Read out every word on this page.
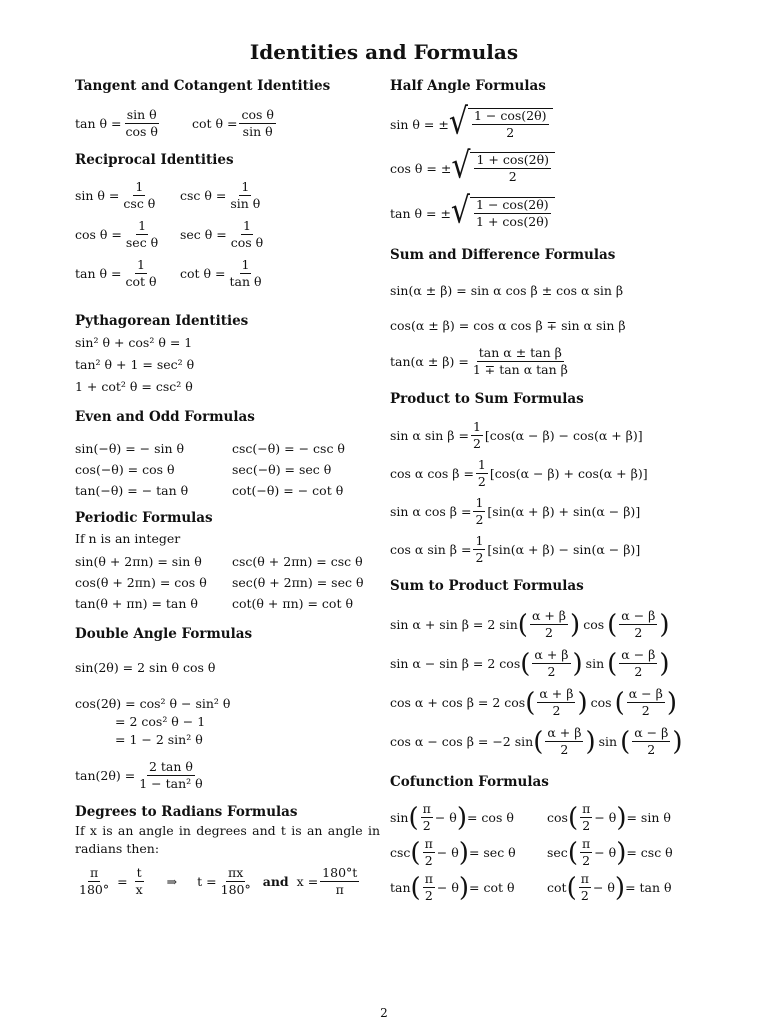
Identities and Formulas
Tangent and Cotangent Identities
$\tan \theta = \frac{\text{sin θ}}{\text{cos θ}}$	$\cot \theta = \frac{\text{cos θ}}{\text{sin θ}}$
Reciprocal Identities
$\sin \theta = \frac{1}{\text{csc θ}}$ $\csc \theta = \frac{1}{\text{sin θ}}$
$\cos \theta = \frac{1}{\text{sec θ}}$ $\sec \theta = \frac{1}{\text{cos θ}}$
$\tan \theta = \frac{1}{\text{cot θ}}$ $\cot \theta = \frac{1}{\text{tan θ}}$
Pythagorean Identities
sin² θ + cos² θ = 1
tan² θ + 1 = sec² θ
1 + cot² θ = csc² θ
Even and Odd Formulas
sin(−θ) = − sin θ	csc(−θ) = − csc θ
cos(−θ) = cos θ	sec(−θ) = sec θ
tan(−θ) = − tan θ	cot(−θ) = − cot θ
Periodic Formulas
If n is an integer
sin(θ + 2πn) = sin θ csc(θ + 2πn) = csc θ
cos(θ + 2πn) = cos θ sec(θ + 2πn) = sec θ
tan(θ + πn) = tan θ	cot(θ + πn) = cot θ
Double Angle Formulas
sin(2θ) = 2 sin θ cos θ
cos(2θ) = cos² θ − sin² θ
= 2 cos² θ − 1
= 1 − 2 sin² θ
$\tan(2\theta) = \frac{\text{2 tan θ}}{\text{1 − tan² θ}}$
Degrees to Radians Formulas
If x is an angle in degrees and t is an angle in radians then:
$\frac{\pi}{180^\circ} = \frac{t}{x}$ ⇒ $t = \frac{\pi x}{180^\circ}$ and $x = \frac{180^\circ t}{\pi}$
Half Angle Formulas
sin θ = ± √ $\frac{1 - \cos(2\theta)}{2}$
cos θ = ± √ $\frac{1 + \cos(2\theta)}{2}$
tan θ = ± √ $\frac{1 - \cos(2\theta)}{1 + \cos(2\theta)}$
Sum and Difference Formulas
sin(α ± β) = sin α cos β ± cos α sin β
cos(α ± β) = cos α cos β ∓ sin α sin β
$\tan(\alpha \pm \beta) = \frac{\text{tan α ± tan β}}{\text{1 ∓ tan α tan β}}$
Product to Sum Formulas
sin α $\sin \beta = \frac{1}{2} [\cos(\alpha - \beta) - \cos(\alpha + \beta)]$
cos α $\cos \beta = \frac{1}{2} [\cos(\alpha - \beta) + \cos(\alpha + \beta)]$
sin α $\cos \beta = \frac{1}{2} [\sin(\alpha + \beta) + \sin(\alpha - \beta)]$
cos α $\sin \beta = \frac{1}{2} [\sin(\alpha + \beta) - \sin(\alpha - \beta)]$
Sum to Product Formulas
sin α + sin β = 2 sin ( $\frac{\alpha + \beta}{2}$ ) cos ( $\frac{\alpha - \beta}{2}$ )
sin α − sin β = 2 cos ( $\frac{\alpha + \beta}{2}$ ) sin ( $\frac{\alpha - \beta}{2}$ )
cos α + cos β = 2 cos ( $\frac{\alpha + \beta}{2}$ ) cos ( $\frac{\alpha - \beta}{2}$ )
cos α − cos β = −2 sin ( $\frac{\alpha + \beta}{2}$ ) sin ( $\frac{\alpha - \beta}{2}$ )
Cofunction Formulas
sin ( $\frac{\pi}{2} - \theta$ ) = cos θ	cos ( $\frac{\pi}{2} - \theta$ ) = sin θ
csc ( $\frac{\pi}{2} - \theta$ ) = sec θ	sec ( $\frac{\pi}{2} - \theta$ ) = csc θ
tan ( $\frac{\pi}{2} - \theta$ ) = cot θ	cot ( $\frac{\pi}{2} - \theta$ ) = tan θ
2
